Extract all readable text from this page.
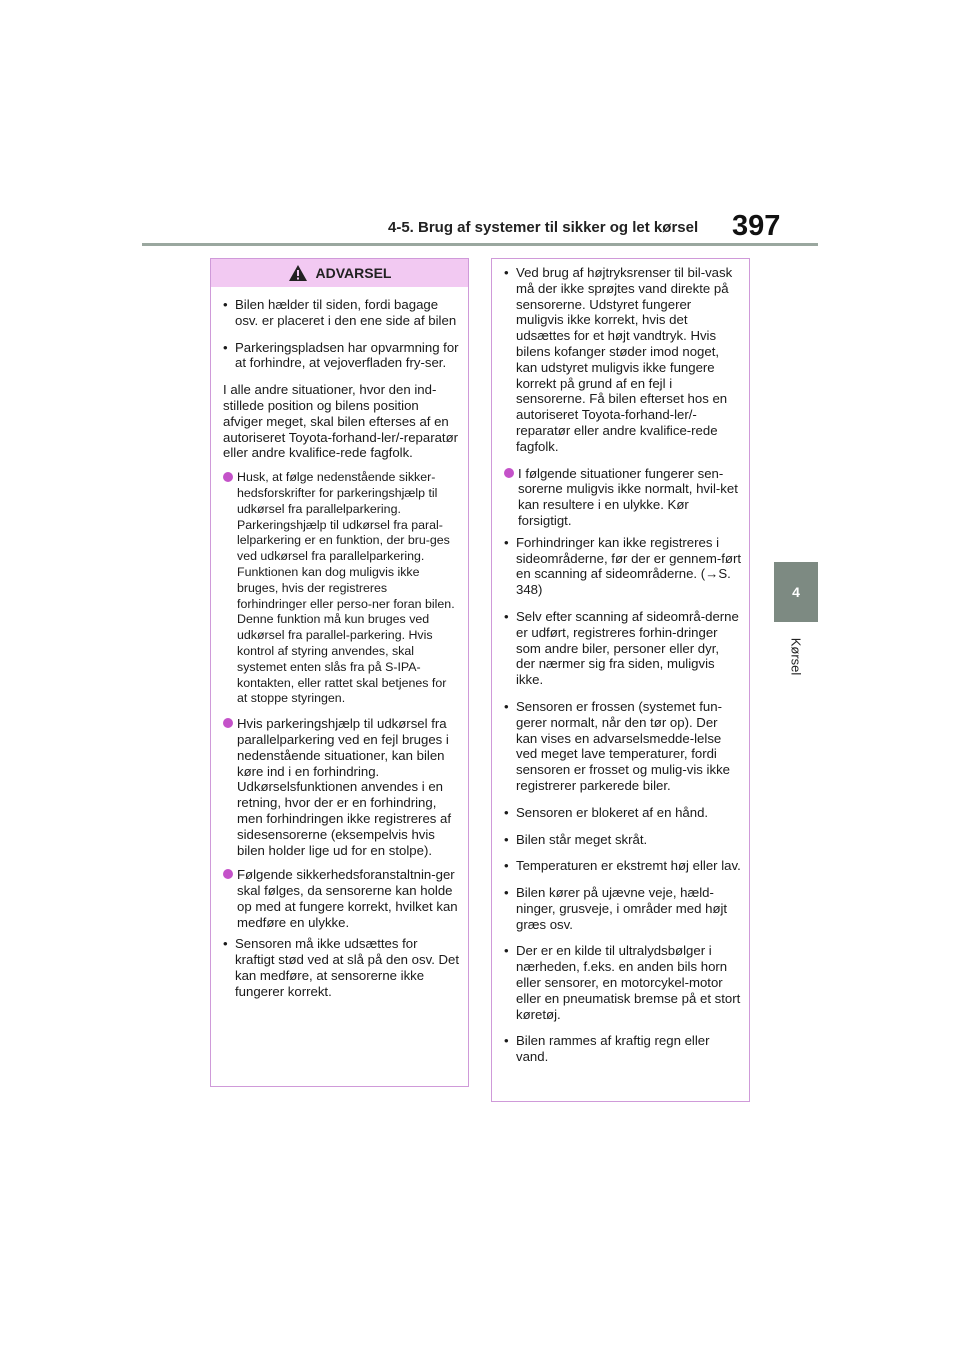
4-5. Brug af systemer til sikker og let kørsel 397
4
Kørsel
ADVARSEL

• Bilen hælder til siden, fordi bagage osv. er placeret i den ene side af bilen

• Parkeringspladsen har opvarmning for at forhindre, at vejoverfladen fry-ser.

I alle andre situationer, hvor den ind-stillede position og bilens position afviger meget, skal bilen efterses af en autoriseret Toyota-forhand-ler/-reparatør eller andre kvalifice-rede fagfolk.

Husk, at følge nedenstående sikker-hedsforskrifter for parkeringshjælp til udkørsel fra parallelparkering. Parkeringshjælp til udkørsel fra paral-lelparkering er en funktion, der bru-ges ved udkørsel fra parallelparkering. Funktionen kan dog muligvis ikke bruges, hvis der registreres forhindringer eller perso-ner foran bilen. Denne funktion må kun bruges ved udkørsel fra parallel-parkering. Hvis kontrol af styring anvendes, skal systemet enten slås fra på S-IPA-kontakten, eller rattet skal betjenes for at stoppe styringen.
Hvis parkeringshjælp til udkørsel fra parallelparkering ved en fejl bruges i nedenstående situationer, kan bilen køre ind i en forhindring. Udkørselsfunktionen anvendes i en retning, hvor der er en forhindring, men forhindringen ikke registreres af sidesensorerne (eksempelvis hvis bilen holder lige ud for en stolpe).
Følgende sikkerhedsforanstaltnin-ger skal følges, da sensorerne kan holde op med at fungere korrekt, hvilket kan medføre en ulykke.

• Sensoren må ikke udsættes for kraftigt stød ved at slå på den osv. Det kan medføre, at sensorerne ikke fungerer korrekt.

• Ved brug af højtryksrenser til bil-vask må der ikke sprøjtes vand direkte på sensorerne. Udstyret fungerer muligvis ikke korrekt, hvis det udsættes for et højt vandtryk. Hvis bilens kofanger støder imod noget, kan udstyret muligvis ikke fungere korrekt på grund af en fejl i sensorerne. Få bilen efterset hos en autoriseret Toyota-forhand-ler/-reparatør eller andre kvalifice-rede fagfolk.

I følgende situationer fungerer sen-sorerne muligvis ikke normalt, hvil-ket kan resultere i en ulykke. Kør forsigtigt.

• Forhindringer kan ikke registreres i sideområderne, før der er gennem-ført en scanning af sideområderne. (→S. 348)

• Selv efter scanning af sideområ-derne er udført, registreres forhin-dringer som andre biler, personer eller dyr, der nærmer sig fra siden, muligvis ikke.

• Sensoren er frossen (systemet fun-gerer normalt, når den tør op). Der kan vises en advarselsmedde-lelse ved meget lave temperaturer, fordi sensoren er frosset og mulig-vis ikke registrerer parkerede biler.

• Sensoren er blokeret af en hånd.

• Bilen står meget skråt.

• Temperaturen er ekstremt høj eller lav.

• Bilen kører på ujævne veje, hæld-ninger, grusveje, i områder med højt græs osv.

• Der er en kilde til ultralydsbølger i nærheden, f.eks. en anden bils horn eller sensorer, en motorcykel-motor eller en pneumatisk bremse på et stort køretøj.

• Bilen rammes af kraftig regn eller vand.
